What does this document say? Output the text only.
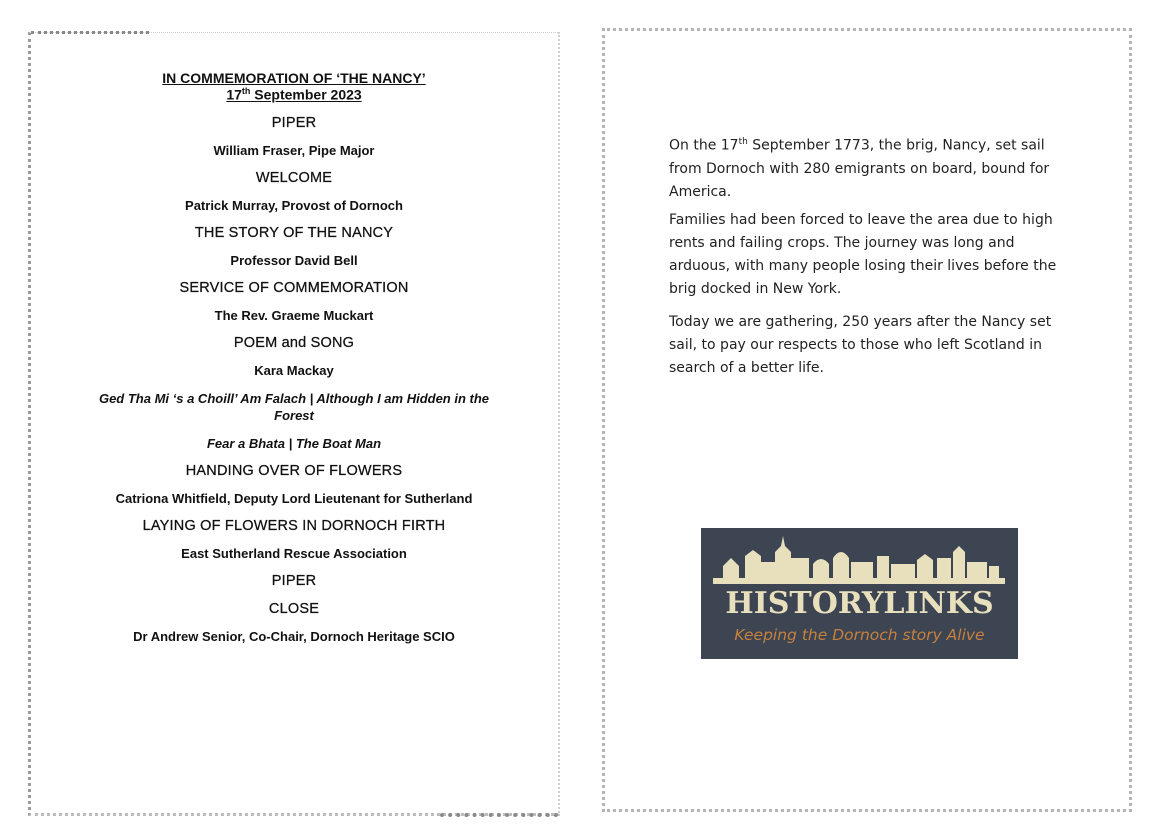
IN COMMEMORATION OF ‘THE NANCY’
17th September 2023
PIPER
William Fraser, Pipe Major
WELCOME
Patrick Murray, Provost of Dornoch
THE STORY OF THE NANCY
Professor David Bell
SERVICE OF COMMEMORATION
The Rev. Graeme Muckart
POEM and SONG
Kara Mackay
Ged Tha Mi ‘s a Choill’ Am Falach | Although I am Hidden in the Forest
Fear a Bhata | The Boat Man
HANDING OVER OF FLOWERS
Catriona Whitfield, Deputy Lord Lieutenant for Sutherland
LAYING OF FLOWERS IN DORNOCH FIRTH
East Sutherland Rescue Association
PIPER
CLOSE
Dr Andrew Senior, Co-Chair, Dornoch Heritage SCIO
On the 17th September 1773, the brig, Nancy, set sail from Dornoch with 280 emigrants on board, bound for America.
Families had been forced to leave the area due to high rents and failing crops. The journey was long and arduous, with many people losing their lives before the brig docked in New York.
Today we are gathering, 250 years after the Nancy set sail, to pay our respects to those who left Scotland in search of a better life.
HISTORYLINKS
Keeping the Dornoch story Alive
